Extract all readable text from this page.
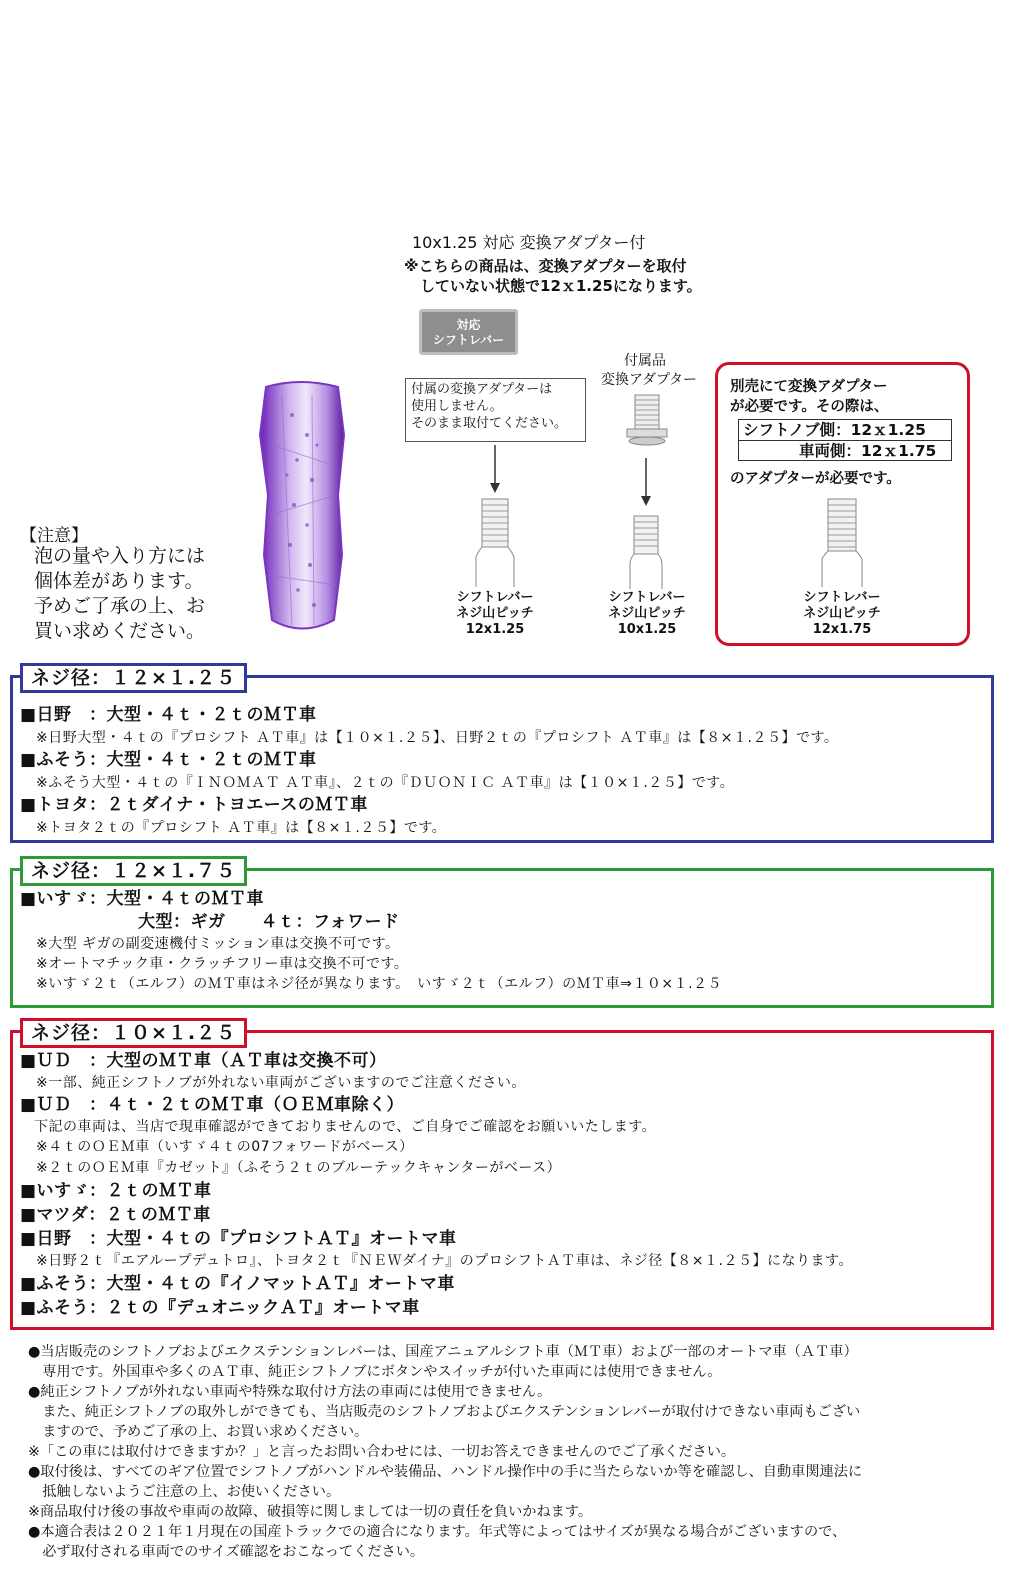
10x1.25 対応 変換アダプター付
※こちらの商品は、変換アダプターを取付
していない状態で12ｘ1.25になります。
対応
シフトレバー
【注意】
泡の量や入り方には
個体差があります。
予めご了承の上、お
買い求めください。
付属の変換アダプターは
使用しません。
そのまま取付てください。
付属品
変換アダプター
シフトレバー
ネジ山ピッチ
12x1.25
シフトレバー
ネジ山ピッチ
10x1.25
別売にて変換アダプター
が必要です。その際は、
シフトノブ側：12ｘ1.25
車両側：12ｘ1.75
のアダプターが必要です。
シフトレバー
ネジ山ピッチ
12x1.75
ネジ径：１２×１.２５
■日野　：大型・４ｔ・２ｔのＭＴ車
※日野大型・４ｔの『プロシフト ＡＴ車』は【１０×１.２５】、日野２ｔの『プロシフト ＡＴ車』は【８×１.２５】です。
■ふそう：大型・４ｔ・２ｔのＭＴ車
※ふそう大型・４ｔの『ＩＮＯＭＡＴ ＡＴ車』、２ｔの『ＤＵＯＮＩＣ ＡＴ車』は【１０×１.２５】です。
■トヨタ：２ｔダイナ・トヨエースのＭＴ車
※トヨタ２ｔの『プロシフト ＡＴ車』は【８×１.２５】です。
ネジ径：１２×１.７５
■いすゞ：大型・４ｔのＭＴ車
大型：ギガ　　４ｔ：フォワード
※大型 ギガの副変速機付ミッション車は交換不可です。
※オートマチック車・クラッチフリー車は交換不可です。
※いすゞ２ｔ（エルフ）のＭＴ車はネジ径が異なります。　いすゞ２ｔ（エルフ）のＭＴ車⇒１０×１.２５
ネジ径：１０×１.２５
■ＵＤ　：大型のＭＴ車（ＡＴ車は交換不可）
※一部、純正シフトノブが外れない車両がございますのでご注意ください。
■ＵＤ　：４ｔ・２ｔのＭＴ車（ＯＥＭ車除く）
下記の車両は、当店で現車確認ができておりませんので、ご自身でご確認をお願いいたします。
※４ｔのＯＥＭ車（いすゞ４ｔの07フォワードがベース）
※２ｔのＯＥＭ車『カゼット』（ふそう２ｔのブルーテックキャンターがベース）
■いすゞ：２ｔのＭＴ車
■マツダ：２ｔのＭＴ車
■日野　：大型・４ｔの『プロシフトＡＴ』オートマ車
※日野２ｔ『エアループデュトロ』、トヨタ２ｔ『ＮＥＷダイナ』のプロシフトＡＴ車は、ネジ径【８×１.２５】になります。
■ふそう：大型・４ｔの『イノマットＡＴ』オートマ車
■ふそう：２ｔの『デュオニックＡＴ』オートマ車
●当店販売のシフトノブおよびエクステンションレバーは、国産アニュアルシフト車（ＭＴ車）および一部のオートマ車（ＡＴ車）
　専用です。外国車や多くのＡＴ車、純正シフトノブにボタンやスイッチが付いた車両には使用できません。
●純正シフトノブが外れない車両や特殊な取付け方法の車両には使用できません。
　また、純正シフトノブの取外しができても、当店販売のシフトノブおよびエクステンションレバーが取付けできない車両もござい
　ますので、予めご了承の上、お買い求めください。
※「この車には取付けできますか？」と言ったお問い合わせには、一切お答えできませんのでご了承ください。
●取付後は、すべてのギア位置でシフトノブがハンドルや装備品、ハンドル操作中の手に当たらないか等を確認し、自動車関連法に
　抵触しないようご注意の上、お使いください。
※商品取付け後の事故や車両の故障、破損等に関しましては一切の責任を負いかねます。
●本適合表は２０２１年１月現在の国産トラックでの適合になります。年式等によってはサイズが異なる場合がございますので、
　必ず取付される車両でのサイズ確認をおこなってください。
